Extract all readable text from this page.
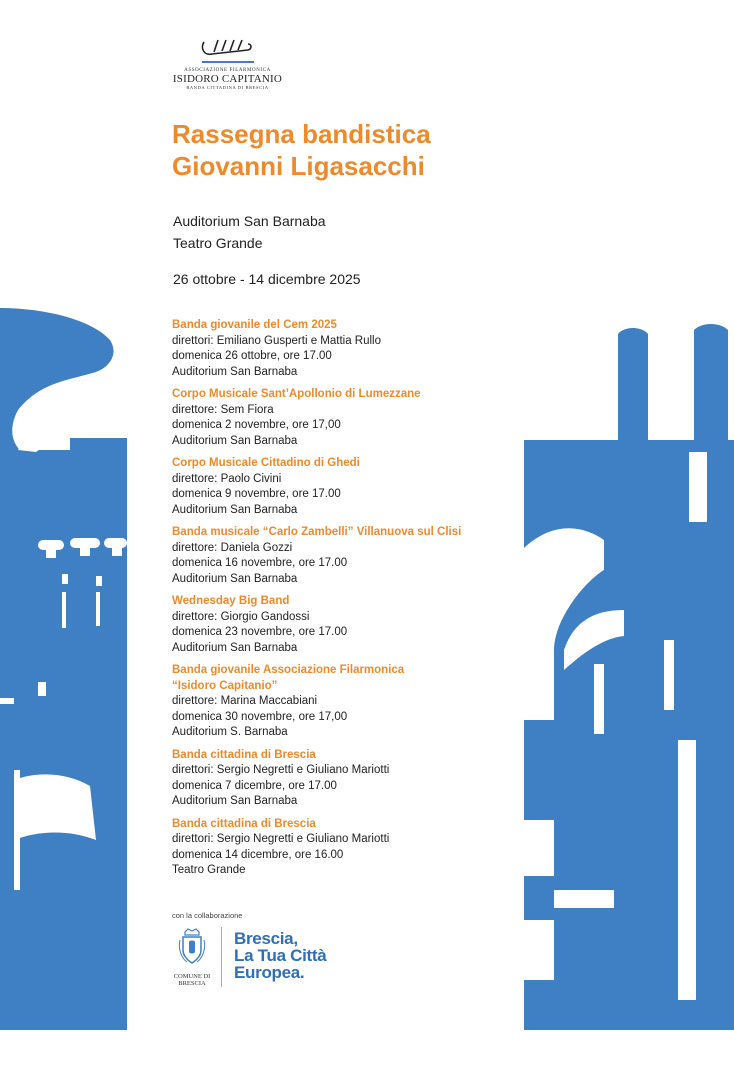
ASSOCIAZIONE FILARMONICA
ISIDORO CAPITANIO
BANDA CITTADINA DI BRESCIA
Rassegna bandistica
Giovanni Ligasacchi
Auditorium San Barnaba
Teatro Grande
26 ottobre - 14 dicembre 2025
Banda giovanile del Cem 2025
direttori: Emiliano Gusperti e Mattia Rullo
domenica 26 ottobre, ore 17.00
Auditorium San Barnaba
Corpo Musicale Sant’Apollonio di Lumezzane
direttore: Sem Fiora
domenica 2 novembre, ore 17,00
Auditorium San Barnaba
Corpo Musicale Cittadino di Ghedi
direttore: Paolo Civini
domenica 9 novembre, ore 17.00
Auditorium San Barnaba
Banda musicale “Carlo Zambelli” Villanuova sul Clisi
direttore: Daniela Gozzi
domenica 16 novembre, ore 17.00
Auditorium San Barnaba
Wednesday Big Band
direttore: Giorgio Gandossi
domenica 23 novembre, ore 17.00
Auditorium San Barnaba
Banda giovanile Associazione Filarmonica
“Isidoro Capitanio”
direttore: Marina Maccabiani
domenica 30 novembre, ore 17,00
Auditorium S. Barnaba
Banda cittadina di Brescia
direttori: Sergio Negretti e Giuliano Mariotti
domenica 7 dicembre, ore 17.00
Auditorium San Barnaba
Banda cittadina di Brescia
direttori: Sergio Negretti e Giuliano Mariotti
domenica 14 dicembre, ore 16.00
Teatro Grande
con la collaborazione
COMUNE DI
BRESCIA
Brescia,
La Tua Città
Europea.
